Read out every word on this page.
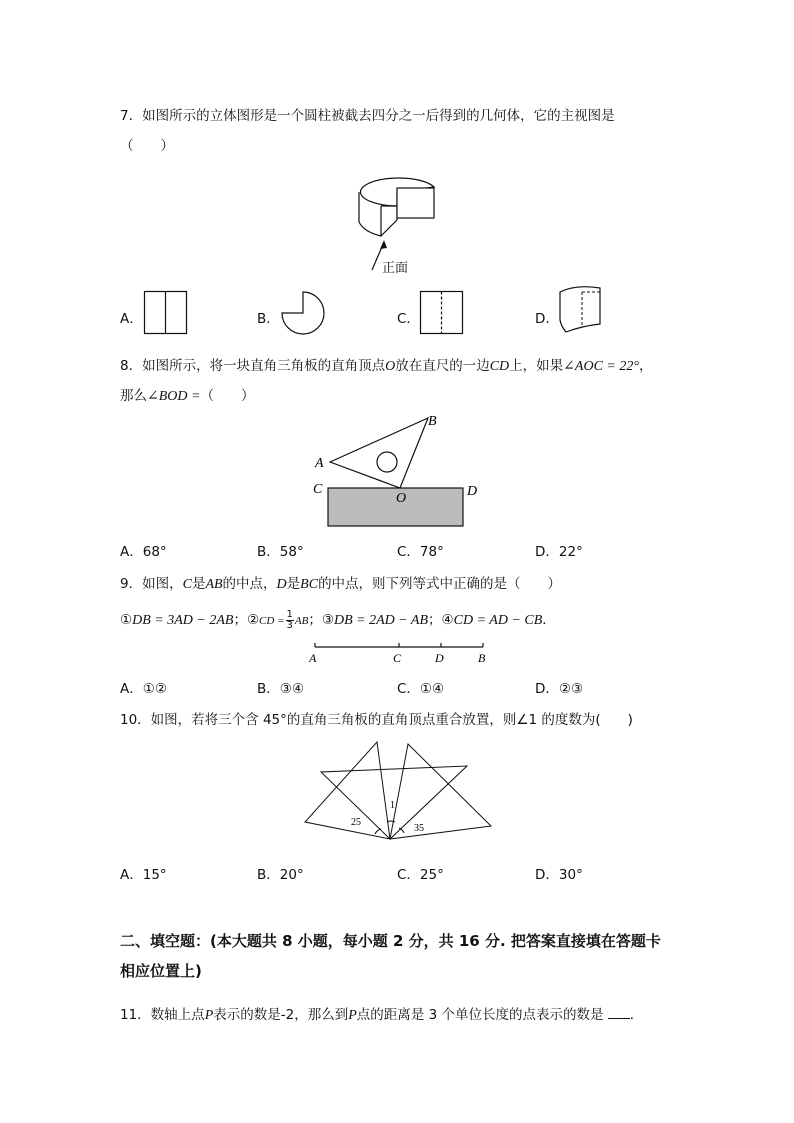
7．如图所示的立体图形是一个圆柱被截去四分之一后得到的几何体，它的主视图是
（　　）
正面
A．	B．	C．	D．
8．如图所示，将一块直角三角板的直角顶点O放在直尺的一边CD上，如果∠AOC = 22°，
那么∠BOD =（　　）
A
B
C	D
O
A．68°	B．58°	C．78°	D．22°
9．如图，C是AB的中点，D是BC的中点，则下列等式中正确的是（　　）
①DB = 3AD − 2AB；②CD = $\frac{1}{3}$ AB；③DB = 2AD − AB；④CD = AD − CB．
A	C	D	B
A．①②	B．③④	C．①④	D．②③
10．如图，若将三个含 45°的直角三角板的直角顶点重合放置，则∠1 的度数为(　　)
25
1
35
A．15°	B．20°	C．25°	D．30°
二、填空题：(本大题共 8 小题，每小题 2 分，共 16 分. 把答案直接填在答题卡
相应位置上)
11．数轴上点P表示的数是-2，那么到P点的距离是 3 个单位长度的点表示的数是 ．
